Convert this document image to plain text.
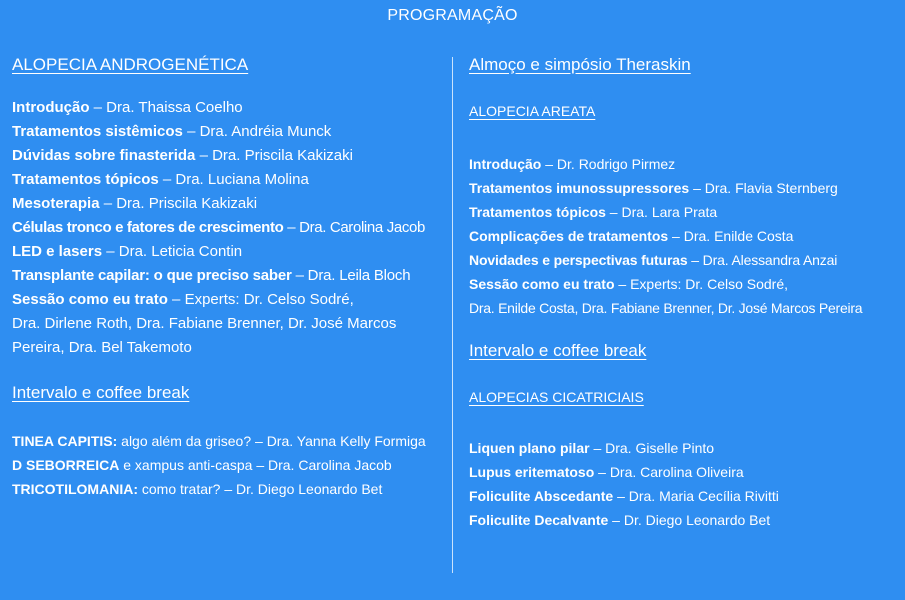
PROGRAMAÇÃO
ALOPECIA ANDROGENÉTICA
Introdução – Dra. Thaissa Coelho
Tratamentos sistêmicos – Dra. Andréia Munck
Dúvidas sobre finasterida – Dra. Priscila Kakizaki
Tratamentos tópicos – Dra. Luciana Molina
Mesoterapia – Dra. Priscila Kakizaki
Células tronco e fatores de crescimento – Dra. Carolina Jacob
LED e lasers – Dra. Leticia Contin
Transplante capilar: o que preciso saber – Dra. Leila Bloch
Sessão como eu trato – Experts: Dr. Celso Sodré,
Dra. Dirlene Roth, Dra. Fabiane Brenner, Dr. José Marcos
Pereira, Dra. Bel Takemoto
Intervalo e coffee break
TINEA CAPITIS: algo além da griseo? – Dra. Yanna Kelly Formiga
D SEBORREICA e xampus anti-caspa – Dra. Carolina Jacob
TRICOTILOMANIA: como tratar? – Dr. Diego Leonardo Bet
Almoço e simpósio Theraskin
ALOPECIA AREATA
Introdução – Dr. Rodrigo Pirmez
Tratamentos imunossupressores – Dra. Flavia Sternberg
Tratamentos tópicos – Dra. Lara Prata
Complicações de tratamentos – Dra. Enilde Costa
Novidades e perspectivas futuras – Dra. Alessandra Anzai
Sessão como eu trato – Experts: Dr. Celso Sodré,
Dra. Enilde Costa, Dra. Fabiane Brenner, Dr. José Marcos Pereira
Intervalo e coffee break
ALOPECIAS CICATRICIAIS
Liquen plano pilar – Dra. Giselle Pinto
Lupus eritematoso – Dra. Carolina Oliveira
Foliculite Abscedante – Dra. Maria Cecília Rivitti
Foliculite Decalvante – Dr. Diego Leonardo Bet
